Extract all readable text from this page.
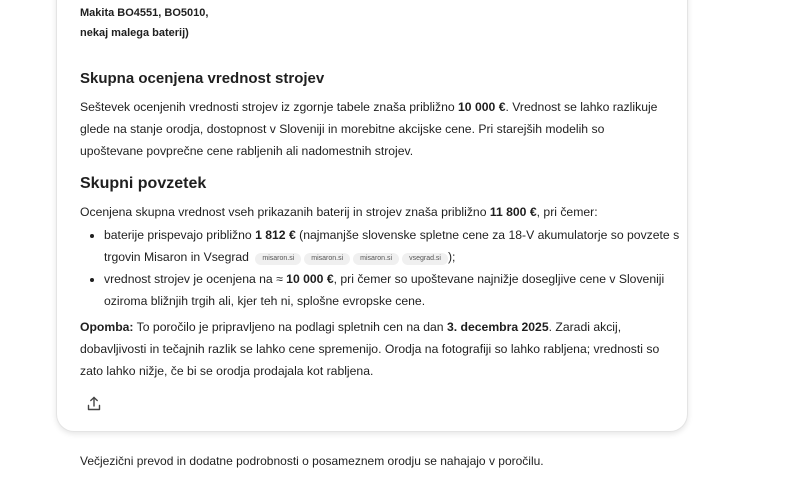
Makita BO4551, BO5010,
nekaj malega baterij)
Skupna ocenjena vrednost strojev

Seštevek ocenjenih vrednosti strojev iz zgornje tabele znaša približno 10 000 €. Vrednost se lahko razlikuje glede na stanje orodja, dostopnost v Sloveniji in morebitne akcijske cene. Pri starejših modelih so upoštevane povprečne cene rabljenih ali nadomestnih strojev.

Skupni povzetek

Ocenjena skupna vrednost vseh prikazanih baterij in strojev znaša približno 11 800 €, pri čemer:

• baterije prispevajo približno 1 812 € (najmanjše slovenske spletne cene za 18-V akumulatorje so povzete s trgovin Misaron in Vsegrad misaron.si misaron.si misaron.si vsegrad.si );
• vrednost strojev je ocenjena na ≈ 10 000 €, pri čemer so upoštevane najnižje dosegljive cene v Sloveniji oziroma bližnjih trgih ali, kjer teh ni, splošne evropske cene.

Opomba: To poročilo je pripravljeno na podlagi spletnih cen na dan 3. decembra 2025. Zaradi akcij, dobavljivosti in tečajnih razlik se lahko cene spremenijo. Orodja na fotografiji so lahko rabljena; vrednosti so zato lahko nižje, če bi se orodja prodajala kot rabljena.

Večjezični prevod in dodatne podrobnosti o posameznem orodju se nahajajo v poročilu.
